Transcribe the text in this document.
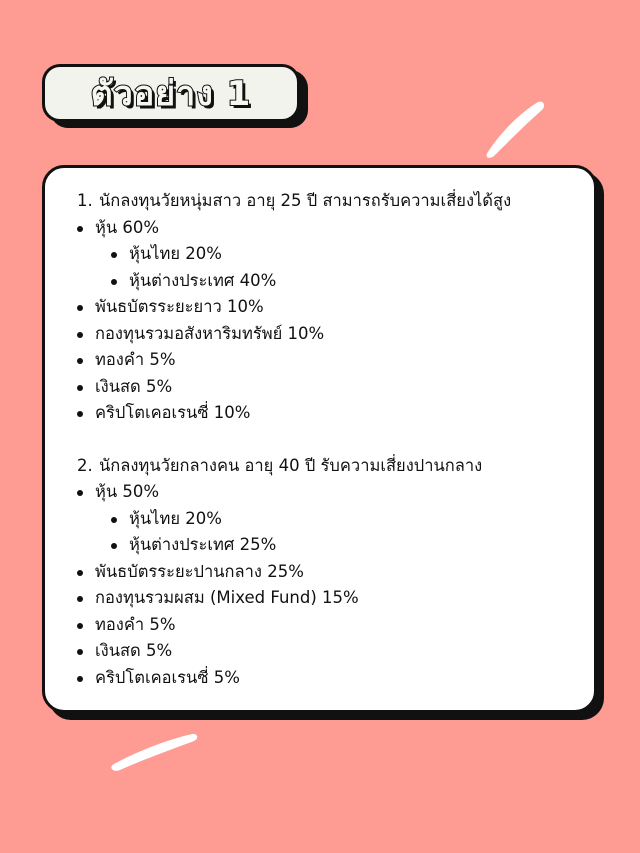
ตัวอย่าง 1
1. นักลงทุนวัยหนุ่มสาว อายุ 25 ปี สามารถรับความเสี่ยงได้สูง
หุ้น 60%
หุ้นไทย 20%
หุ้นต่างประเทศ 40%
พันธบัตรระยะยาว 10%
กองทุนรวมอสังหาริมทรัพย์ 10%
ทองคำ 5%
เงินสด 5%
คริปโตเคอเรนซี่ 10%
2. นักลงทุนวัยกลางคน อายุ 40 ปี รับความเสี่ยงปานกลาง
หุ้น 50%
หุ้นไทย 20%
หุ้นต่างประเทศ 25%
พันธบัตรระยะปานกลาง 25%
กองทุนรวมผสม (Mixed Fund) 15%
ทองคำ 5%
เงินสด 5%
คริปโตเคอเรนซี่ 5%
